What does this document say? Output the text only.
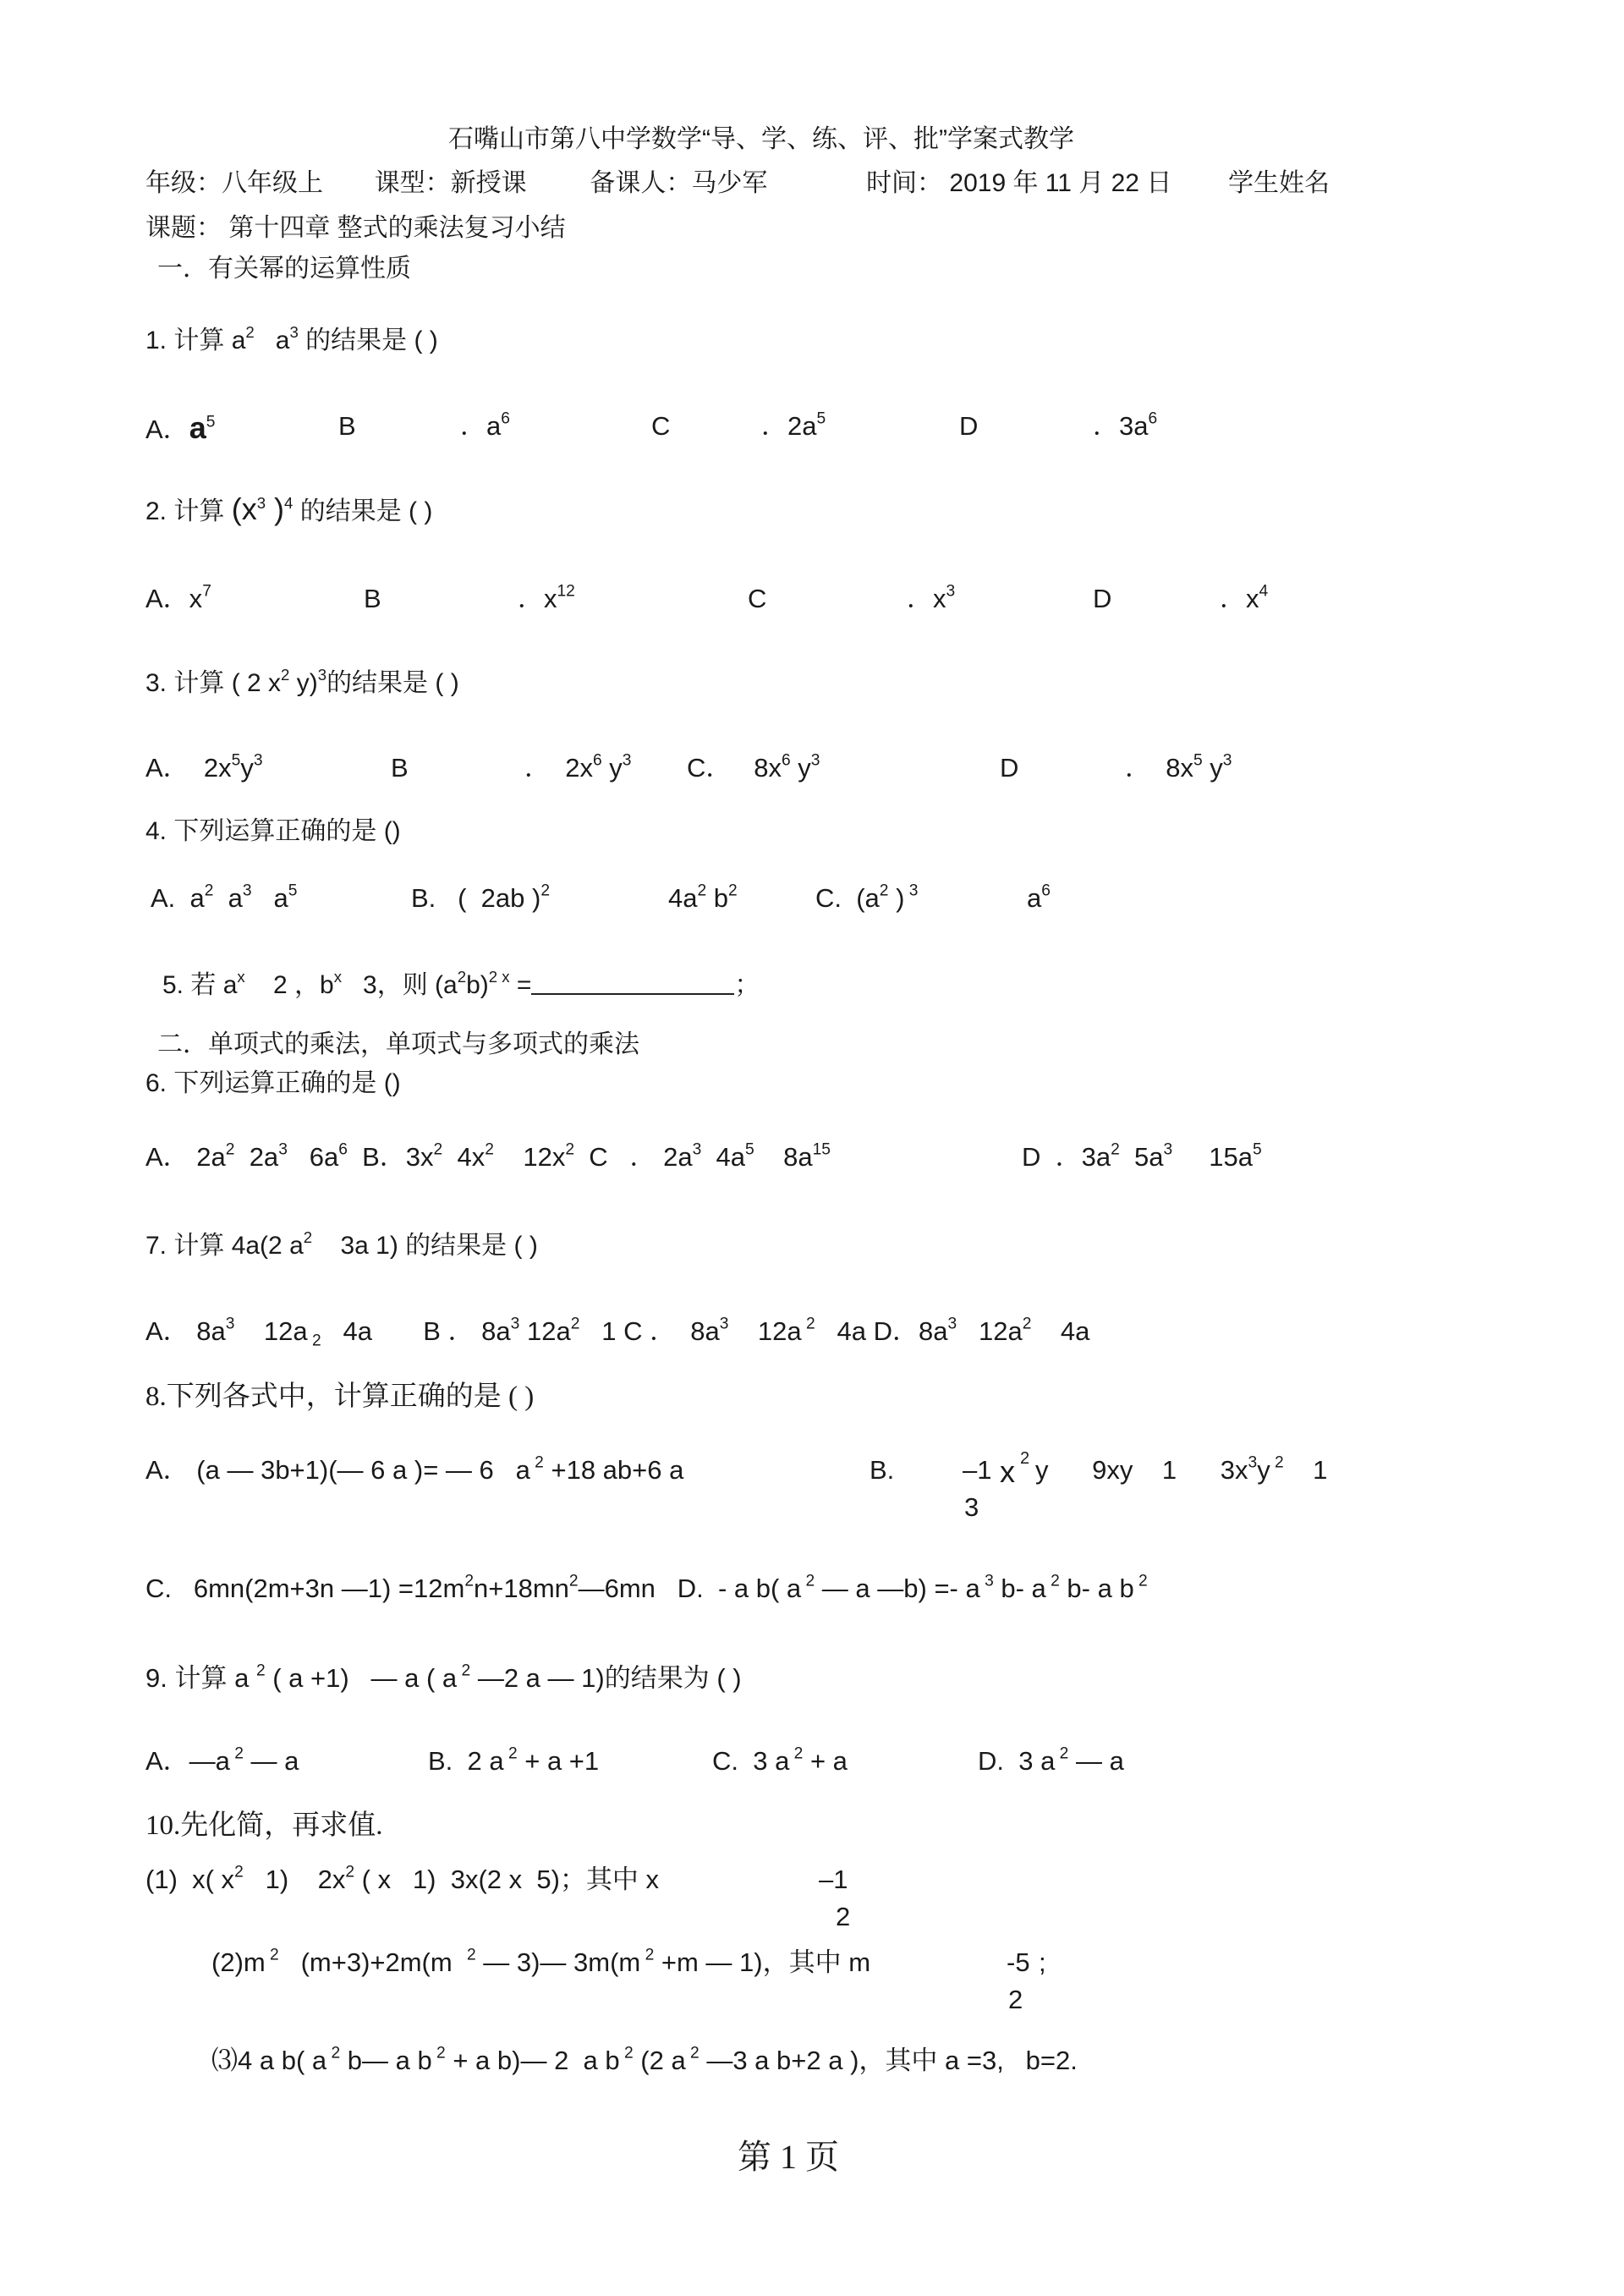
石嘴山市第八中学数学“导、学、练、评、批”学案式教学
年级：八年级上 课型：新授课 备课人：马少军	时间： 2019 年 11 月 22 日 学生姓名
课题： 第十四章 整式的乘法复习小结
一．有关幂的运算性质
1. 计算 $a^2$   $a^3$ 的结果是 ( )
A．$a^5$	B	．$a^6$	C	．$2a^5$	D	．$3a^6$
2. 计算 ($x^3$ )$^4$ 的结果是 ( )
A．$x^7$	B	．$x^{12}$	C	．$x^3$	D	．$x^4$
3. 计算 ( 2 $x^2$ y)$^3$的结果是 ( )
A．  $2x^5y^3$	B	．  $2x^6$ $y^3$ C．   $8x^6$ $y^3$	D	．  $8x^5$ $y^3$
4. 下列运算正确的是 ()
A.  $a^2$  $a^3$   $a^5$	B.   (  2ab )$^2$	$4a^2$ $b^2$	C.  ($a^2$ ) $^3$	$a^6$
5. 若 $a^x$    2 ，$b^x$   3，则 $(a^2b)^{2 x}$ =	；
二．单项式的乘法，单项式与多项式的乘法
6. 下列运算正确的是 ()
A． $2a^2$  $2a^3$   $6a^6$  B．$3x^2$  $4x^2$    $12x^2$  C   ． $2a^3$  $4a^5$    $8a^{15}$	D  ．$3a^2$  $5a^3$     $15a^5$
7. 计算 4a(2 $a^2$ 3a 1) 的结果是 ( )
A． $8a^3$    12a $_2$   4a       B ． $8a^3$ $12a^2$   1 C ．  $8a^3$    12a $^2$   4a D．$8a^3$   $12a^2$    4a
8.下列各式中，计算正确的是 ( )
A． (a — 3b+1)(— 6 a )= — 6   a $^2$ +18 ab+6 a	B.	–1
3
x 2 y      9xy    1      $3x^3y$ $^2$    1
C.   6mn(2m+3n —1) $=12m^2n+18mn^2—6mn$   D.  - a b( a $^2$ — a —b) =- a $^3$ b- a $^2$ b- a b $^2$
9. 计算 a $^2$ ( a +1)   — a ( a $^2$ —2 a — 1)的结果为 ( )
A．—a $^2$ — a	B.  2 a $^2$ + a +1	C.  3 a $^2$ + a	D.  3 a $^2$ — a
10.先化简，再求值.
(1)  x( $x^2$   1)    $2x^2$ ( x   1)  3x(2 x  5)；其中 x	–1
2
(2)m $^2$   (m+3)+2m(m  $^2$ — 3)— 3m(m $^2$ +m — 1)，其中 m	-5
2
;
⑶4 a b( a $^2$ b— a b $^2$ + a b)— 2  a b $^2$ (2 a $^2$ —3 a b+2 a )，其中 a =3,   b=2.
第 1 页
